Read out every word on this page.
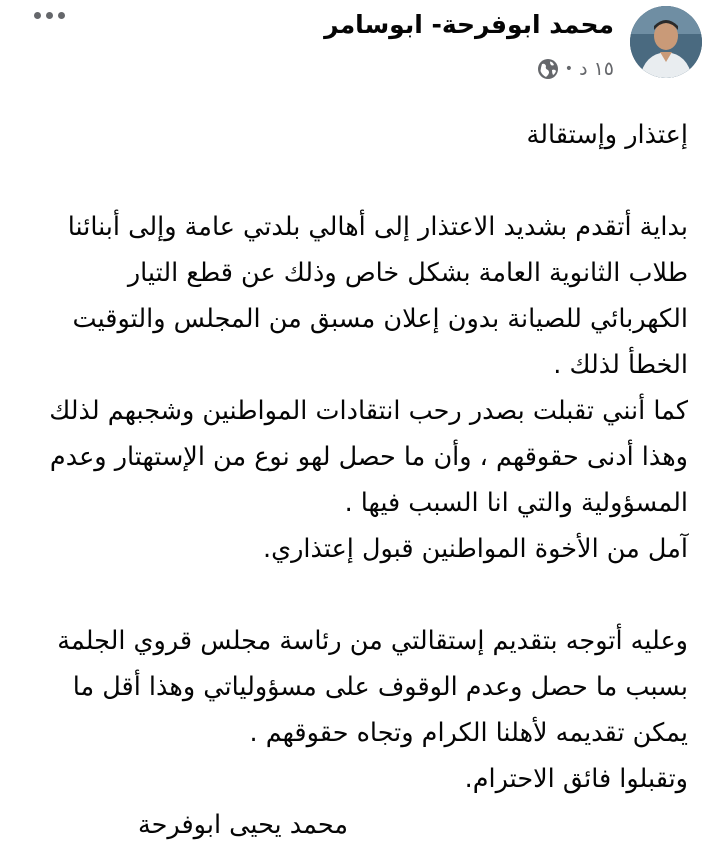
محمد ابوفرحة- ابوسامر
١٥ د
•
إعتذار وإستقالة
بداية أتقدم بشديد الاعتذار إلى أهالي بلدتي عامة وإلى أبنائنا
طلاب الثانوية العامة بشكل خاص وذلك عن قطع التيار
الكهربائي للصيانة بدون إعلان مسبق من المجلس والتوقيت
الخطأ لذلك .
كما أنني تقبلت بصدر رحب انتقادات المواطنين وشجبهم لذلك
وهذا أدنى حقوقهم ، وأن ما حصل لهو نوع من الإستهتار وعدم
المسؤولية والتي انا السبب فيها .
آمل من الأخوة المواطنين قبول إعتذاري.
وعليه أتوجه بتقديم إستقالتي من رئاسة مجلس قروي الجلمة
بسبب ما حصل وعدم الوقوف على مسؤولياتي وهذا أقل ما
يمكن تقديمه لأهلنا الكرام وتجاه حقوقهم .
وتقبلوا فائق الاحترام.
محمد يحيى ابوفرحة
